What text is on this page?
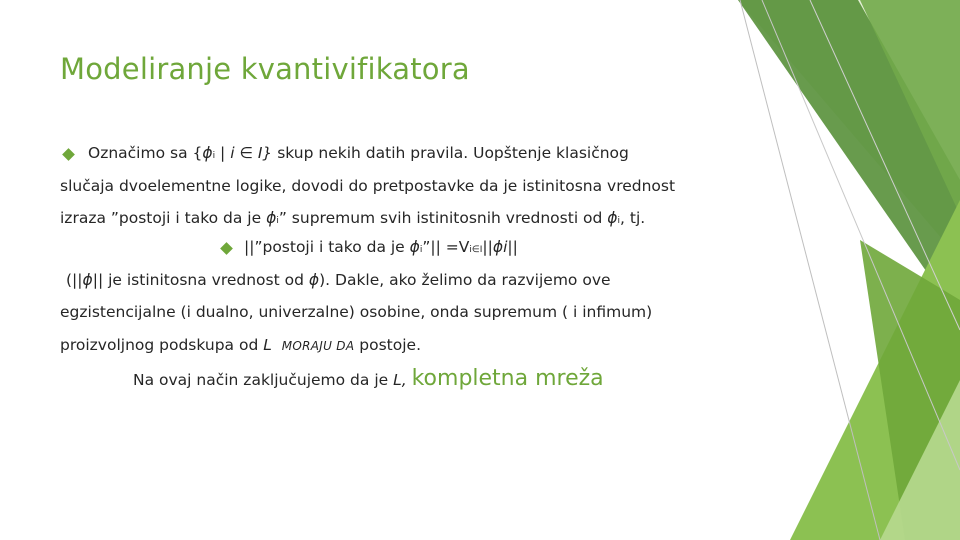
Modeliranje kvantivifikatora
Označimo sa {ϕi | i ∈ I} skup nekih datih pravila. Uopštenje klasičnog
slučaja dvoelementne logike, dovodi do pretpostavke da je istinitosna vrednost
izraza ”postoji i tako da je ϕi” supremum svih istinitosnih vrednosti od ϕi, tj.
||”postoji i tako da je ϕi”|| =Vi∈I||ϕi||
(||ϕ|| je istinitosna vrednost od ϕ). Dakle, ako želimo da razvijemo ove
egzistencijalne (i dualno, univerzalne) osobine, onda supremum ( i infimum)
proizvoljnog podskupa od L MORAJU DA postoje.
Na ovaj način zaključujemo da je L, kompletna mreža
